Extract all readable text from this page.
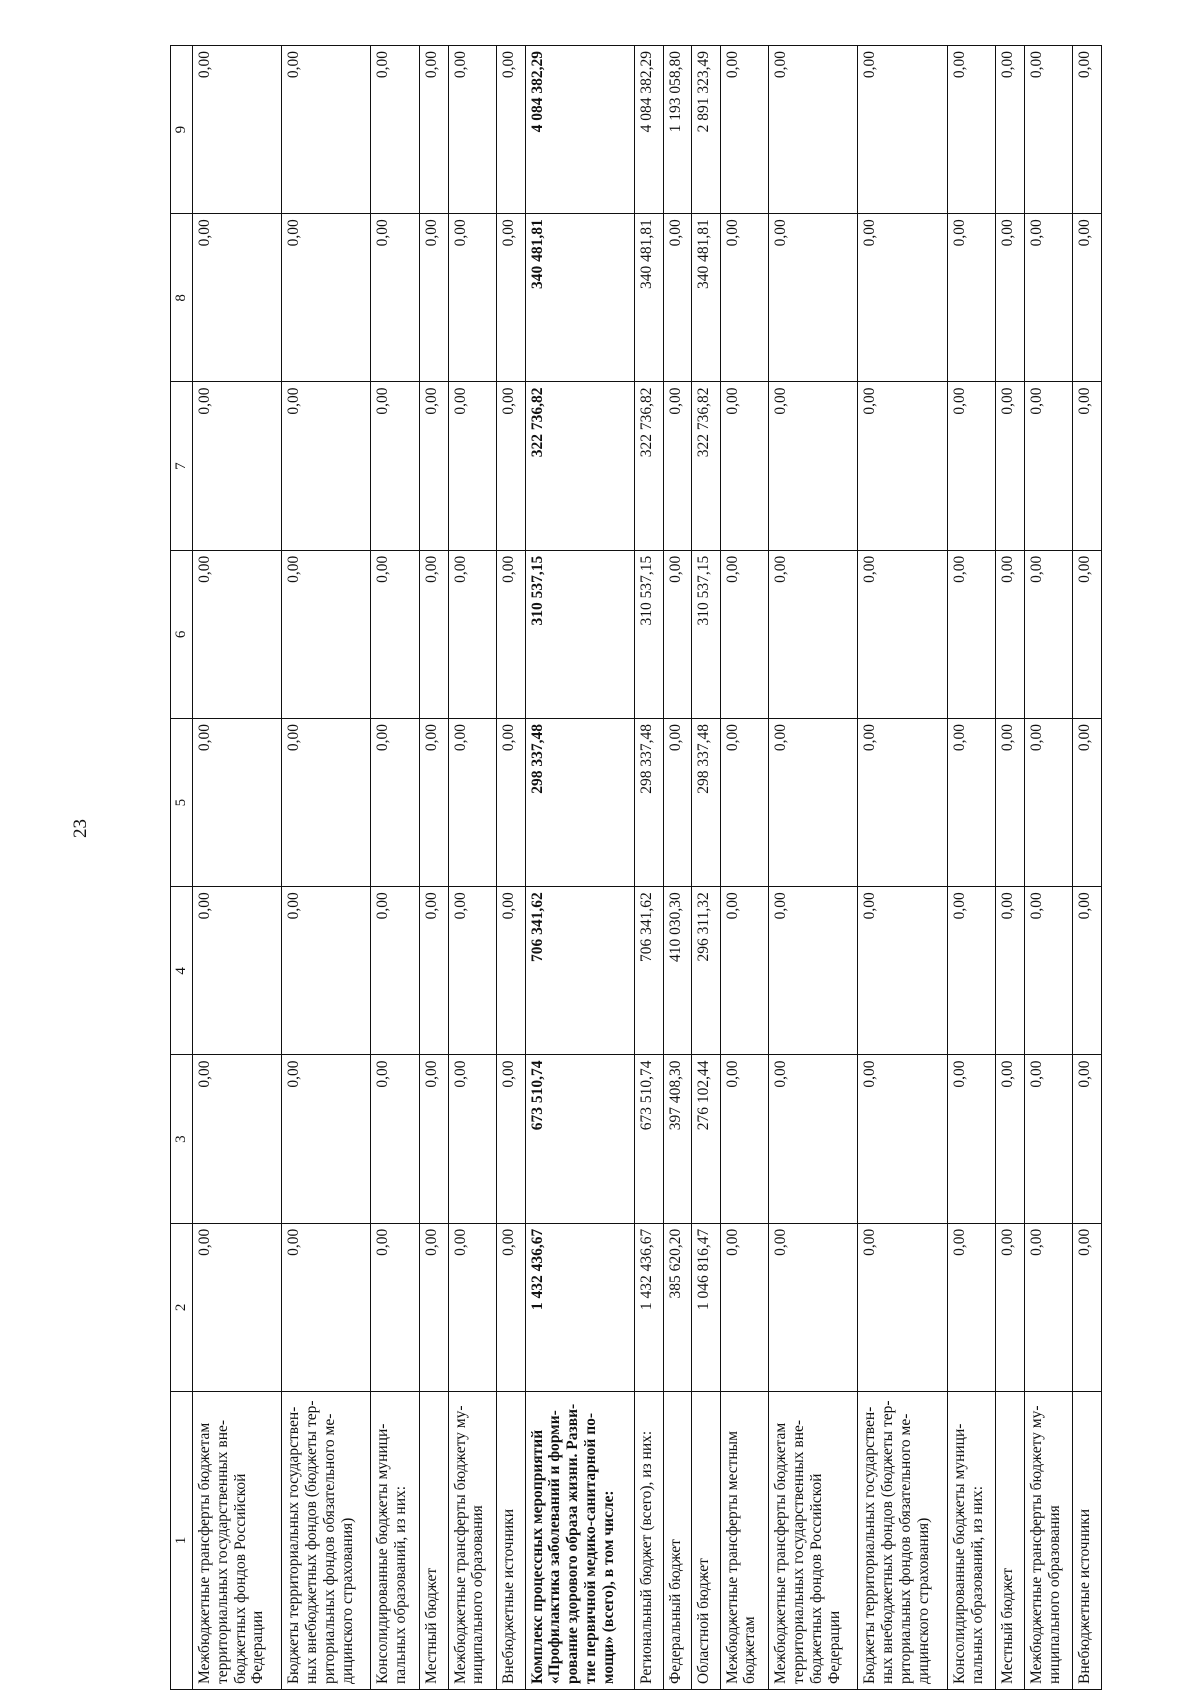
23
1	2	3	4	5	6	7	8	9
Межбюджетные трансферты бюджетам территориальных государственных вне-бюджетных фондов Российской Федерации	0,00	0,00	0,00	0,00	0,00	0,00	0,00	0,00
Бюджеты территориальных государствен-ных внебюджетных фондов (бюджеты тер-риториальных фондов обязательного ме-дицинского страхования)	0,00	0,00	0,00	0,00	0,00	0,00	0,00	0,00
Консолидированные бюджеты муници-пальных образований, из них:	0,00	0,00	0,00	0,00	0,00	0,00	0,00	0,00
Местный бюджет	0,00	0,00	0,00	0,00	0,00	0,00	0,00	0,00
Межбюджетные трансферты бюджету му-ниципального образования	0,00	0,00	0,00	0,00	0,00	0,00	0,00	0,00
Внебюджетные источники	0,00	0,00	0,00	0,00	0,00	0,00	0,00	0,00
Комплекс процессных мероприятий «Профилактика заболеваний и форми-рование здорового образа жизни. Разви-тие первичной медико-санитарной по-мощи» (всего), в том числе:	1 432 436,67	673 510,74	706 341,62	298 337,48	310 537,15	322 736,82	340 481,81	4 084 382,29
Региональный бюджет (всего), из них:	1 432 436,67	673 510,74	706 341,62	298 337,48	310 537,15	322 736,82	340 481,81	4 084 382,29
Федеральный бюджет	385 620,20	397 408,30	410 030,30	0,00	0,00	0,00	0,00	1 193 058,80
Областной бюджет	1 046 816,47	276 102,44	296 311,32	298 337,48	310 537,15	322 736,82	340 481,81	2 891 323,49
Межбюджетные трансферты местным бюджетам	0,00	0,00	0,00	0,00	0,00	0,00	0,00	0,00
Межбюджетные трансферты бюджетам территориальных государственных вне-бюджетных фондов Российской Федерации	0,00	0,00	0,00	0,00	0,00	0,00	0,00	0,00
Бюджеты территориальных государствен-ных внебюджетных фондов (бюджеты тер-риториальных фондов обязательного ме-дицинского страхования)	0,00	0,00	0,00	0,00	0,00	0,00	0,00	0,00
Консолидированные бюджеты муници-пальных образований, из них:	0,00	0,00	0,00	0,00	0,00	0,00	0,00	0,00
Местный бюджет	0,00	0,00	0,00	0,00	0,00	0,00	0,00	0,00
Межбюджетные трансферты бюджету му-ниципального образования	0,00	0,00	0,00	0,00	0,00	0,00	0,00	0,00
Внебюджетные источники	0,00	0,00	0,00	0,00	0,00	0,00	0,00	0,00
